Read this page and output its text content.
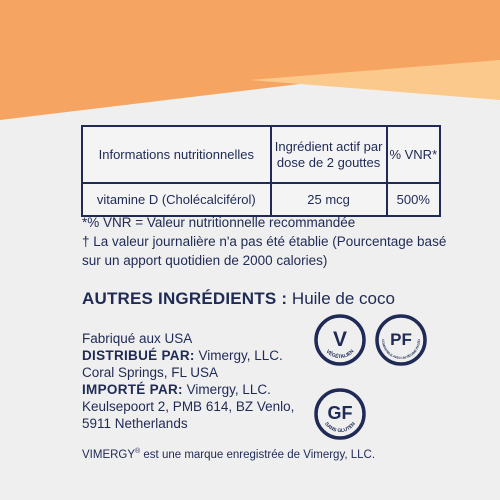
Informations nutritionnelles	Ingrédient actif par dose de 2 gouttes	% VNR*
vitamine D (Cholécalciférol)	25 mcg	500%

*% VNR = Valeur nutritionnelle recommandée

† La valeur journalière n'a pas été établie (Pourcentage basé sur un apport quotidien de 2000 calories)

AUTRES INGRÉDIENTS : Huile de coco

Fabriqué aux USA

DISTRIBUÉ PAR: Vimergy, LLC.

Coral Springs, FL USA

IMPORTÉ PAR: Vimergy, LLC.

Keulsepoort 2, PMB 614, BZ Venlo, 5911 Netherlands

VIMERGY® est une marque enregistrée de Vimergy, LLC.
V
VÉGÉTALIEN
PF
COMPATIBLE AVEC UN RÉGIME PALÉO
GF
SANS GLUTEN
